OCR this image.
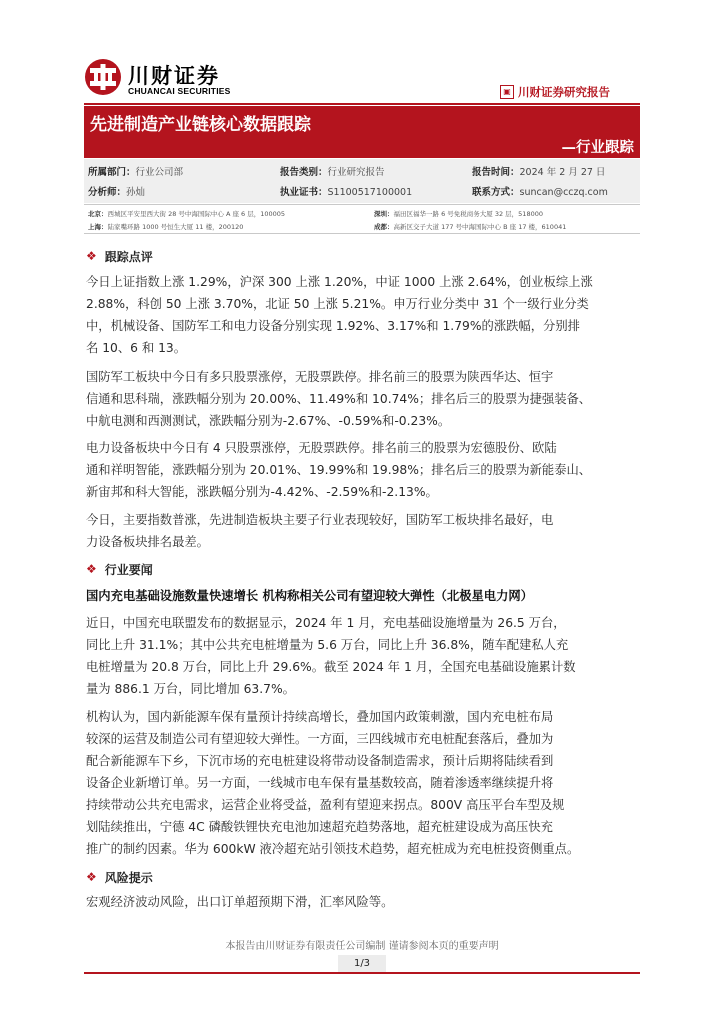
川财证券
CHUANCAI SECURITIES	▣ 川财证券研究报告
先进制造产业链核心数据跟踪
—行业跟踪
所属部门：行业公司部	报告类别：行业研究报告	报告时间：2024 年 2 月 27 日
分析师：孙灿	执业证书：S1100517100001	联系方式：suncan@cczq.com
北京：西城区平安里西大街 28 号中海国际中心 A 座 6 层，100005	深圳：福田区福华一路 6 号免税商务大厦 32 层，518000
上海：陆家嘴环路 1000 号恒生大厦 11 楼，200120	成都：高新区交子大道 177 号中海国际中心 B 座 17 楼，610041
❖ 跟踪点评
今日上证指数上涨 1.29%，沪深 300 上涨 1.20%，中证 1000 上涨 2.64%，创业板综上涨
2.88%，科创 50 上涨 3.70%，北证 50 上涨 5.21%。申万行业分类中 31 个一级行业分类
中，机械设备、国防军工和电力设备分别实现 1.92%、3.17%和 1.79%的涨跌幅，分别排
名 10、6 和 13。
国防军工板块中今日有多只股票涨停，无股票跌停。排名前三的股票为陕西华达、恒宇
信通和思科瑞，涨跌幅分别为 20.00%、11.49%和 10.74%；排名后三的股票为捷强装备、
中航电测和西测测试，涨跌幅分别为-2.67%、-0.59%和-0.23%。
电力设备板块中今日有 4 只股票涨停，无股票跌停。排名前三的股票为宏德股份、欧陆
通和祥明智能，涨跌幅分别为 20.01%、19.99%和 19.98%；排名后三的股票为新能泰山、
新宙邦和科大智能，涨跌幅分别为-4.42%、-2.59%和-2.13%。
今日，主要指数普涨，先进制造板块主要子行业表现较好，国防军工板块排名最好，电
力设备板块排名最差。
❖ 行业要闻
国内充电基础设施数量快速增长 机构称相关公司有望迎较大弹性（北极星电力网）
近日，中国充电联盟发布的数据显示，2024 年 1 月，充电基础设施增量为 26.5 万台，
同比上升 31.1%；其中公共充电桩增量为 5.6 万台，同比上升 36.8%，随车配建私人充
电桩增量为 20.8 万台，同比上升 29.6%。截至 2024 年 1 月，全国充电基础设施累计数
量为 886.1 万台，同比增加 63.7%。
机构认为，国内新能源车保有量预计持续高增长，叠加国内政策刺激，国内充电桩布局
较深的运营及制造公司有望迎较大弹性。一方面，三四线城市充电桩配套落后，叠加为
配合新能源车下乡，下沉市场的充电桩建设将带动设备制造需求，预计后期将陆续看到
设备企业新增订单。另一方面，一线城市电车保有量基数较高，随着渗透率继续提升将
持续带动公共充电需求，运营企业将受益，盈利有望迎来拐点。800V 高压平台车型及规
划陆续推出，宁德 4C 磷酸铁锂快充电池加速超充趋势落地，超充桩建设成为高压快充
推广的制约因素。华为 600kW 液冷超充站引领技术趋势，超充桩成为充电桩投资侧重点。
❖ 风险提示
宏观经济波动风险，出口订单超预期下滑，汇率风险等。
本报告由川财证券有限责任公司编制 谨请参阅本页的重要声明
1/3
